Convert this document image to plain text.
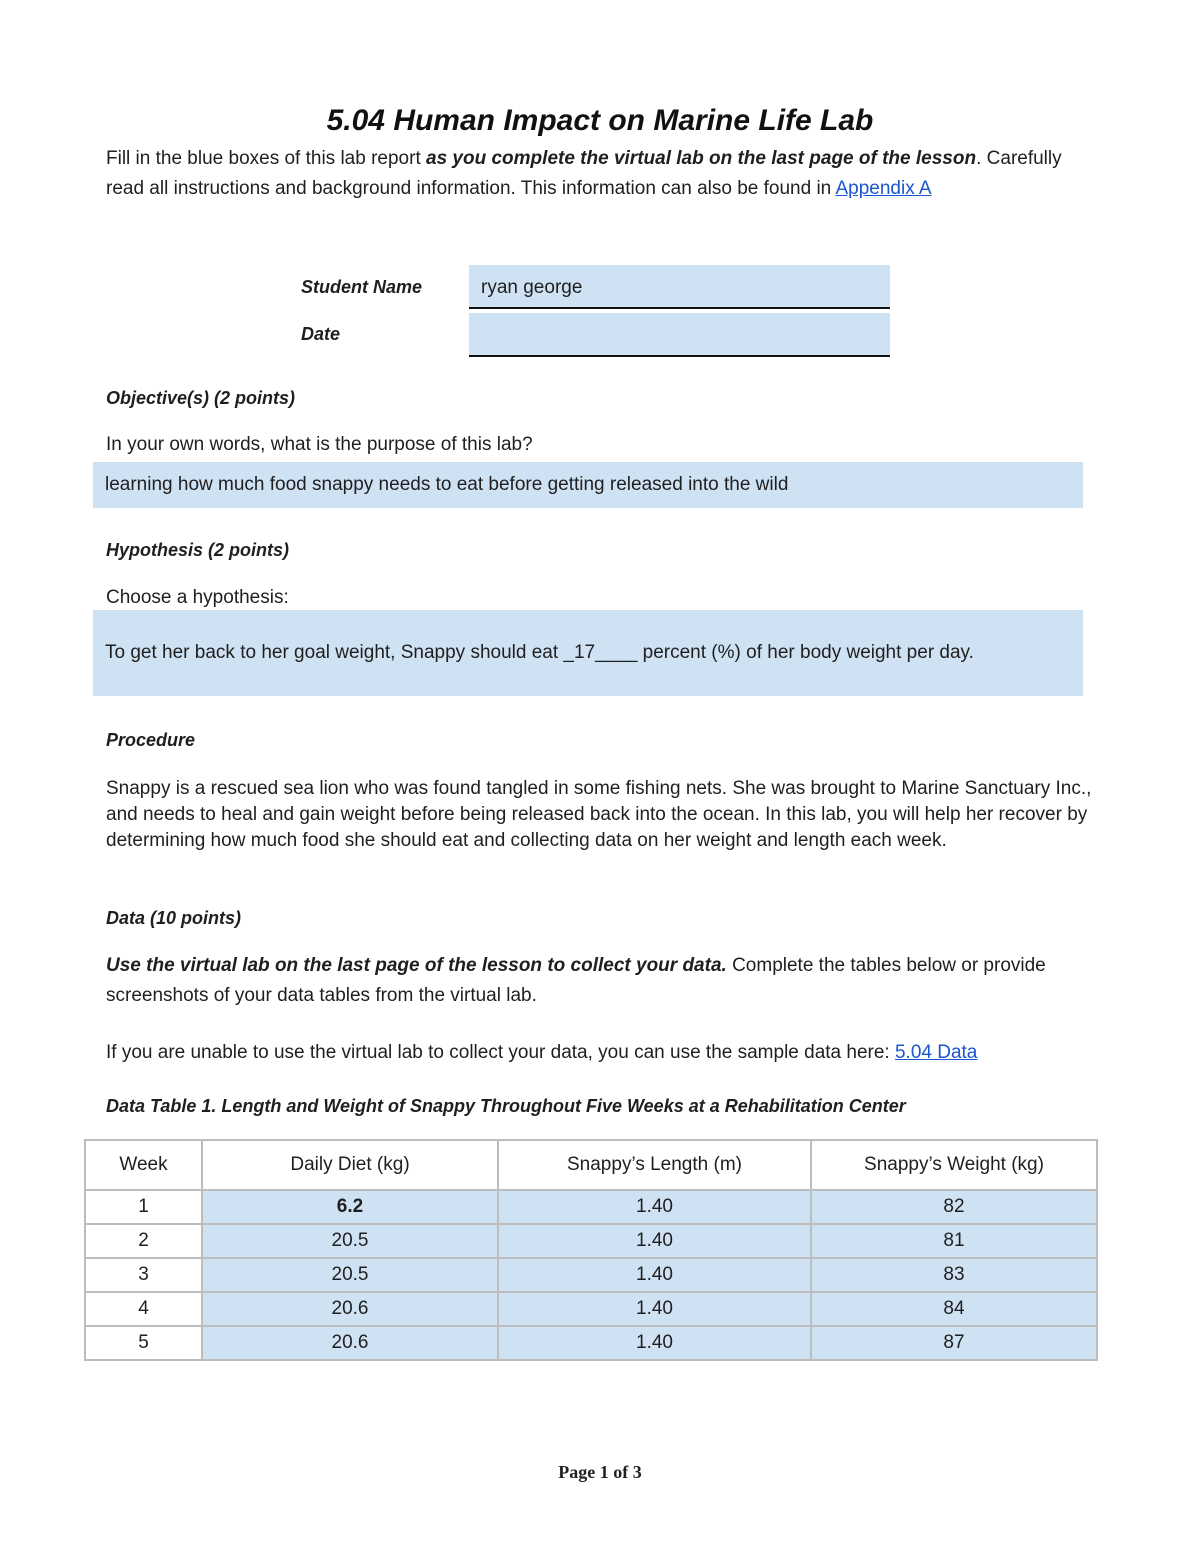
5.04 Human Impact on Marine Life Lab

Fill in the blue boxes of this lab report as you complete the virtual lab on the last page of the lesson. Carefully read all instructions and background information. This information can also be found in Appendix A

Student Name	ryan george
Date
Objective(s) (2 points)

In your own words, what is the purpose of this lab?

learning how much food snappy needs to eat before getting released into the wild
Hypothesis (2 points)

Choose a hypothesis:

To get her back to her goal weight, Snappy should eat _17____ percent (%) of her body weight per day.
Procedure

Snappy is a rescued sea lion who was found tangled in some fishing nets. She was brought to Marine Sanctuary Inc., and needs to heal and gain weight before being released back into the ocean. In this lab, you will help her recover by determining how much food she should eat and collecting data on her weight and length each week.

Data (10 points)

Use the virtual lab on the last page of the lesson to collect your data. Complete the tables below or provide screenshots of your data tables from the virtual lab.

If you are unable to use the virtual lab to collect your data, you can use the sample data here: 5.04 Data

Data Table 1. Length and Weight of Snappy Throughout Five Weeks at a Rehabilitation Center

Week	Daily Diet (kg)	Snappy’s Length (m)	Snappy’s Weight (kg)
1	6.2	1.40	82
2	20.5	1.40	81
3	20.5	1.40	83
4	20.6	1.40	84
5	20.6	1.40	87
Page 1 of 3
